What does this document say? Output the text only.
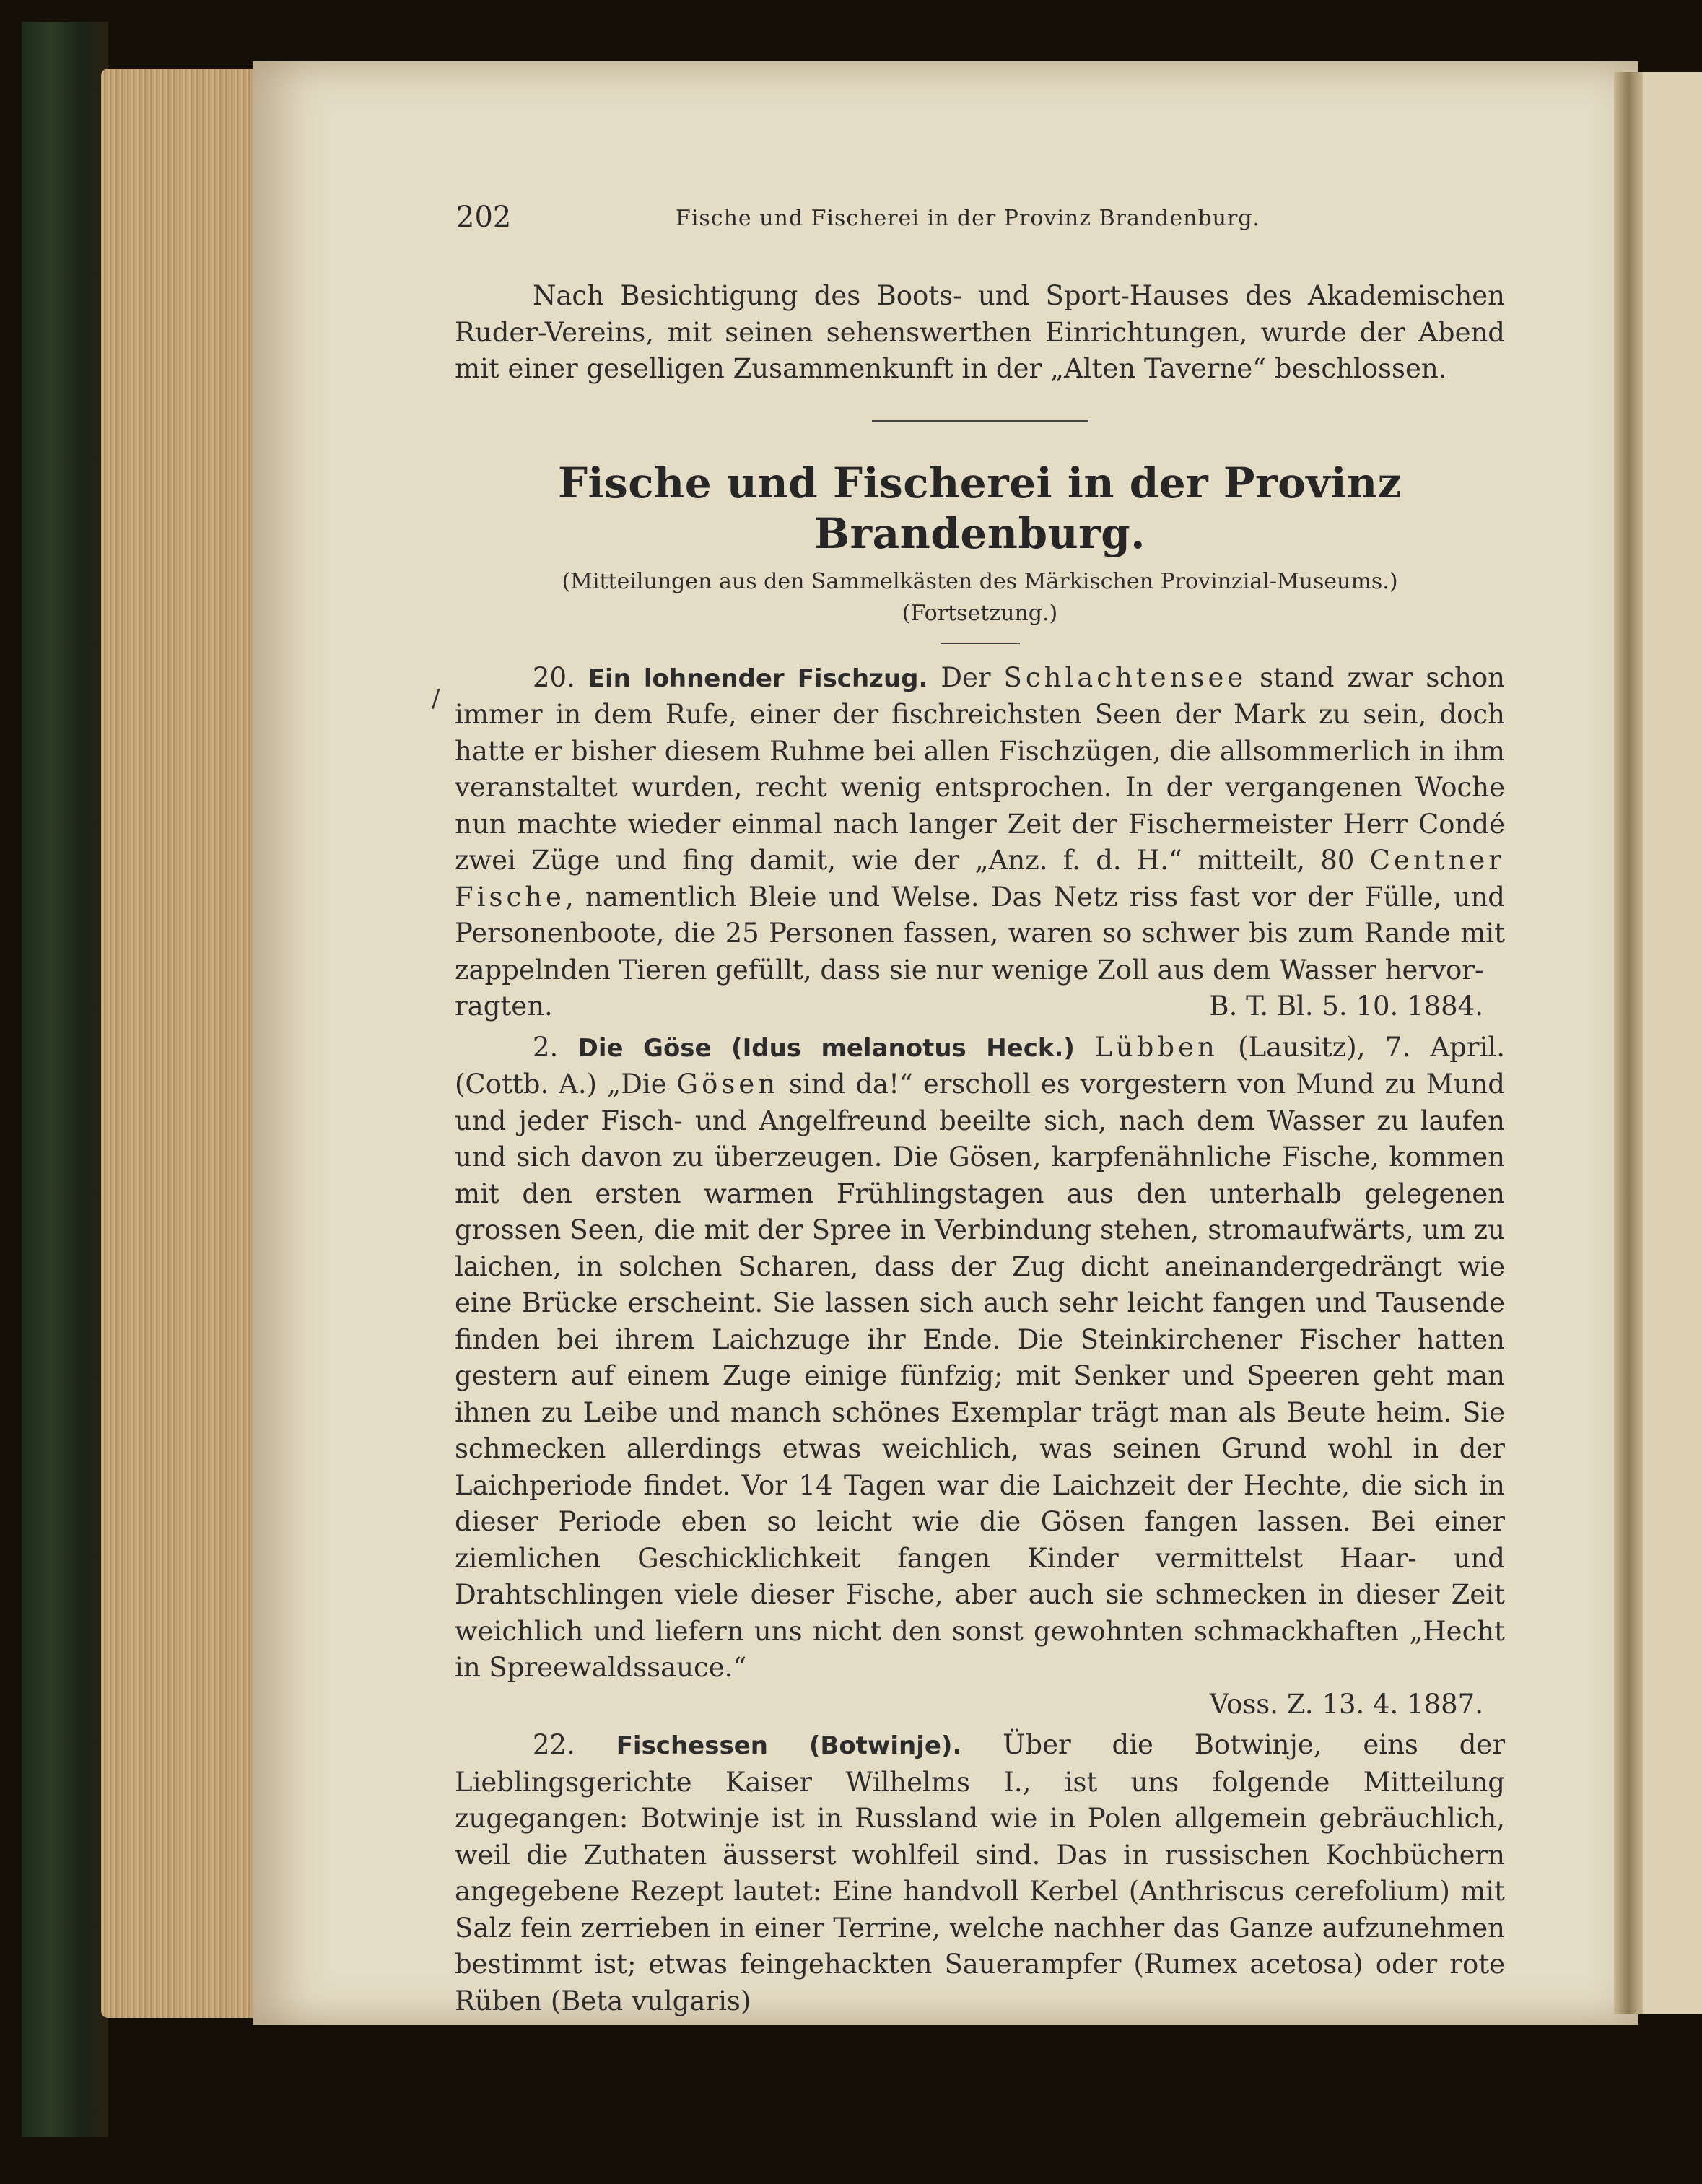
202	Fische und Fischerei in der Provinz Brandenburg.

Nach Besichtigung des Boots- und Sport-Hauses des Akademischen Ruder-Vereins, mit seinen sehenswerthen Einrichtungen, wurde der Abend mit einer geselligen Zusammenkunft in der „Alten Taverne“ beschlossen.

Fische und Fischerei in der Provinz Brandenburg.

(Mitteilungen aus den Sammelkästen des Märkischen Provinzial-Museums.)

(Fortsetzung.)

20. Ein lohnender Fischzug. Der Schlachtensee stand zwar schon immer in dem Rufe, einer der fischreichsten Seen der Mark zu sein, doch hatte er bisher diesem Ruhme bei allen Fischzügen, die allsommerlich in ihm veranstaltet wurden, recht wenig entsprochen. In der vergangenen Woche nun machte wieder einmal nach langer Zeit der Fischermeister Herr Condé zwei Züge und fing damit, wie der „Anz. f. d. H.“ mitteilt, 80 Centner Fische, namentlich Bleie und Welse. Das Netz riss fast vor der Fülle, und Personenboote, die 25 Personen fassen, waren so schwer bis zum Rande mit zappelnden Tieren gefüllt, dass sie nur wenige Zoll aus dem Wasser hervor-

ragten.	B. T. Bl. 5. 10. 1884.

2. Die Göse (Idus melanotus Heck.) Lübben (Lausitz), 7. April. (Cottb. A.) „Die Gösen sind da!“ erscholl es vorgestern von Mund zu Mund und jeder Fisch- und Angelfreund beeilte sich, nach dem Wasser zu laufen und sich davon zu überzeugen. Die Gösen, karpfenähnliche Fische, kommen mit den ersten warmen Frühlingstagen aus den unterhalb gelegenen grossen Seen, die mit der Spree in Verbindung stehen, stromaufwärts, um zu laichen, in solchen Scharen, dass der Zug dicht aneinandergedrängt wie eine Brücke erscheint. Sie lassen sich auch sehr leicht fangen und Tausende finden bei ihrem Laichzuge ihr Ende. Die Steinkirchener Fischer hatten gestern auf einem Zuge einige fünfzig; mit Senker und Speeren geht man ihnen zu Leibe und manch schönes Exemplar trägt man als Beute heim. Sie schmecken allerdings etwas weichlich, was seinen Grund wohl in der Laichperiode findet. Vor 14 Tagen war die Laichzeit der Hechte, die sich in dieser Periode eben so leicht wie die Gösen fangen lassen. Bei einer ziemlichen Geschicklichkeit fangen Kinder vermittelst Haar- und Drahtschlingen viele dieser Fische, aber auch sie schmecken in dieser Zeit weichlich und liefern uns nicht den sonst gewohnten schmackhaften „Hecht in Spreewaldssauce.“

Voss. Z. 13. 4. 1887.

22. Fischessen (Botwinje). Über die Botwinje, eins der Lieblingsgerichte Kaiser Wilhelms I., ist uns folgende Mitteilung zugegangen: Botwinje ist in Russland wie in Polen allgemein gebräuchlich, weil die Zuthaten äusserst wohlfeil sind. Das in russischen Kochbüchern angegebene Rezept lautet: Eine handvoll Kerbel (Anthriscus cerefolium) mit Salz fein zerrieben in einer Terrine, welche nachher das Ganze aufzunehmen bestimmt ist; etwas feingehackten Sauerampfer (Rumex acetosa) oder rote Rüben (Beta vulgaris)

/
